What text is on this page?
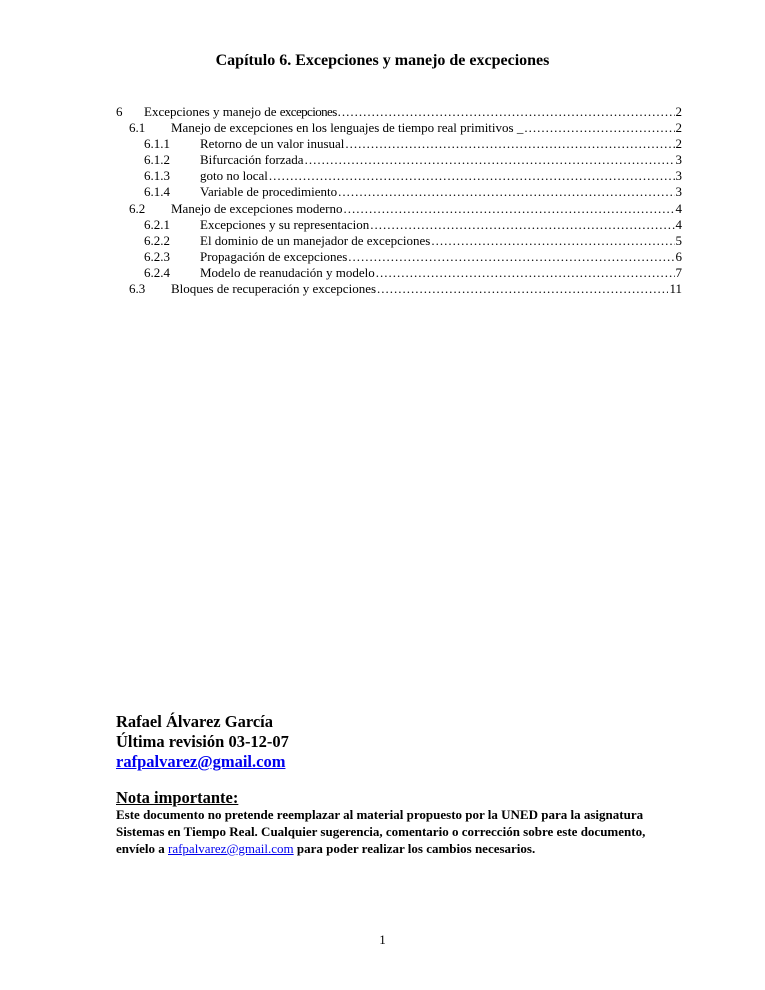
Capítulo 6. Excepciones y manejo de excpeciones
6	Excepciones y manejo de excepciones .....	2
6.1	Manejo de excepciones en los lenguajes de tiempo real primitivos _ .....	2
6.1.1	Retorno de un valor inusual .....	2
6.1.2	Bifurcación forzada .....	3
6.1.3	goto no local .....	3
6.1.4	Variable de procedimiento .....	3
6.2	Manejo de excepciones moderno .....	4
6.2.1	Excepciones y su representacion .....	4
6.2.2	El dominio de un manejador de excepciones .....	5
6.2.3	Propagación de excepciones .....	6
6.2.4	Modelo de reanudación y modelo .....	7
6.3	Bloques de recuperación y excepciones .....	11
Rafael Álvarez García
Última revisión 03-12-07
rafpalvarez@gmail.com
Nota importante:

Este documento no pretende reemplazar al material propuesto por la UNED para la asignatura Sistemas en Tiempo Real. Cualquier sugerencia, comentario o corrección sobre este documento, envíelo a rafpalvarez@gmail.com para poder realizar los cambios necesarios.

1
